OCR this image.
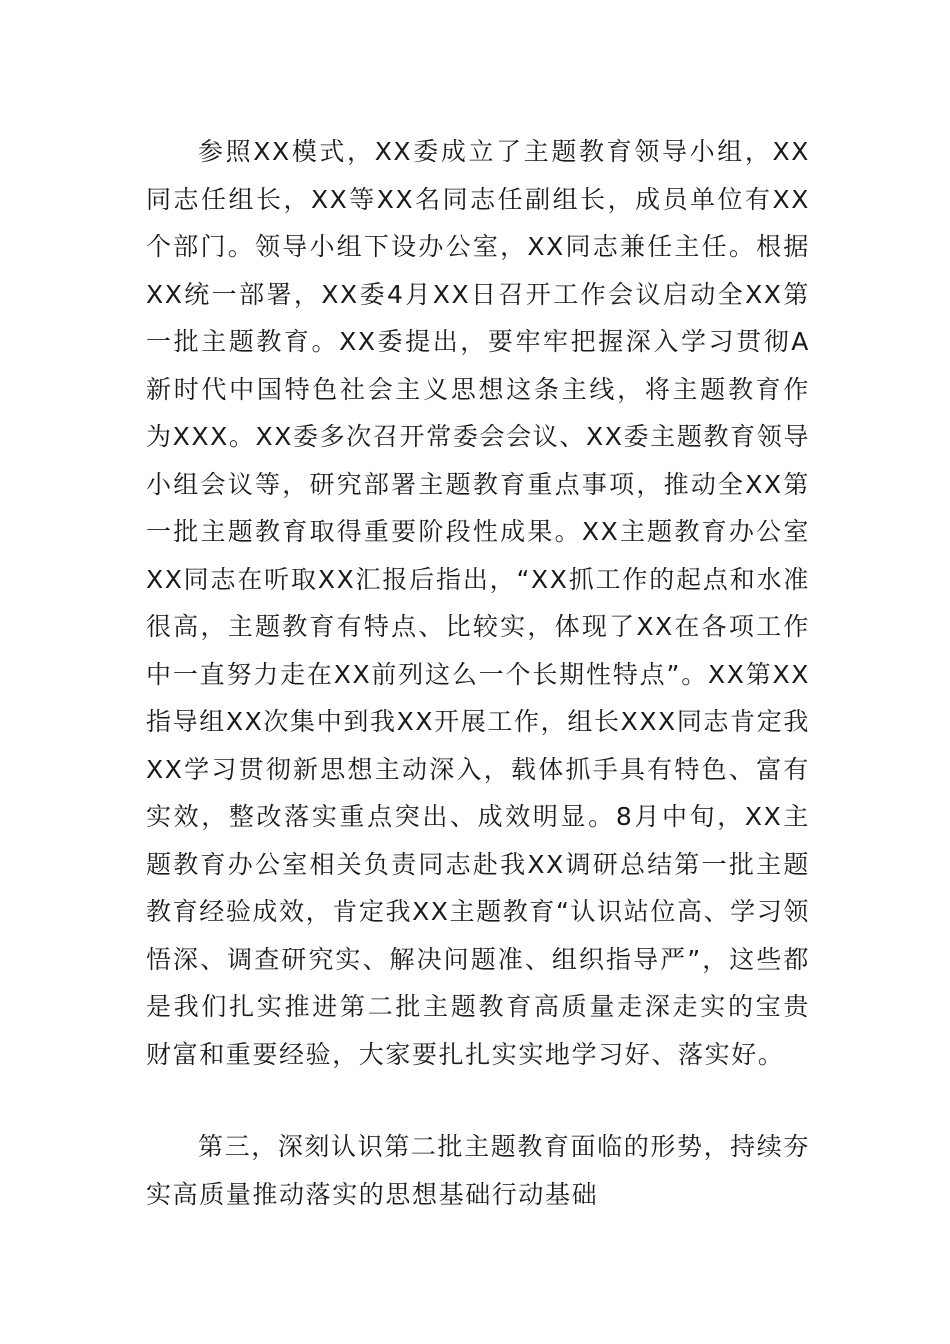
参照XX模式，XX委成立了主题教育领导小组，XX同志任组长，XX等XX名同志任副组长，成员单位有XX个部门。领导小组下设办公室，XX同志兼任主任。根据XX统一部署，XX委4月XX日召开工作会议启动全XX第一批主题教育。XX委提出，要牢牢把握深入学习贯彻A新时代中国特色社会主义思想这条主线，将主题教育作为XXX。XX委多次召开常委会会议、XX委主题教育领导小组会议等，研究部署主题教育重点事项，推动全XX第一批主题教育取得重要阶段性成果。XX主题教育办公室XX同志在听取XX汇报后指出，“XX抓工作的起点和水准很高，主题教育有特点、比较实，体现了XX在各项工作中一直努力走在XX前列这么一个长期性特点”。XX第XX指导组XX次集中到我XX开展工作，组长XXX同志肯定我XX学习贯彻新思想主动深入，载体抓手具有特色、富有实效，整改落实重点突出、成效明显。8月中旬，XX主题教育办公室相关负责同志赴我XX调研总结第一批主题教育经验成效，肯定我XX主题教育“认识站位高、学习领悟深、调查研究实、解决问题准、组织指导严”，这些都是我们扎实推进第二批主题教育高质量走深走实的宝贵财富和重要经验，大家要扎扎实实地学习好、落实好。

第三，深刻认识第二批主题教育面临的形势，持续夯实高质量推动落实的思想基础行动基础
